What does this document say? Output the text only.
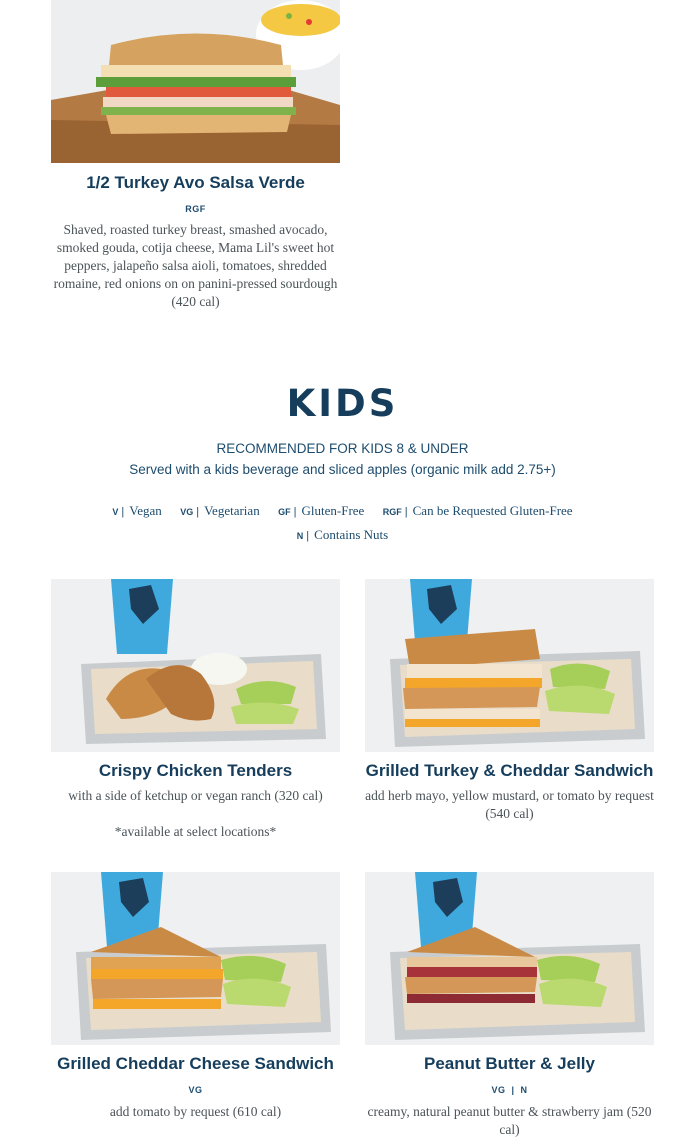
1/2 Turkey Avo Salsa Verde
RGF
Shaved, roasted turkey breast, smashed avocado, smoked gouda, cotija cheese, Mama Lil's sweet hot peppers, jalapeño salsa aioli, tomatoes, shredded romaine, red onions on on panini-pressed sourdough (420 cal)
KIDS
RECOMMENDED FOR KIDS 8 & UNDER
Served with a kids beverage and sliced apples (organic milk add 2.75+)
V | Vegan VG | Vegetarian GF | Gluten-Free RGF | Can be Requested Gluten-Free
N | Contains Nuts
Crispy Chicken Tenders
with a side of ketchup or vegan ranch (320 cal)
*available at select locations*
Grilled Turkey & Cheddar Sandwich
add herb mayo, yellow mustard, or tomato by request (540 cal)
Grilled Cheddar Cheese Sandwich
VG
add tomato by request (610 cal)
Peanut Butter & Jelly
VG  |  N
creamy, natural peanut butter & strawberry jam (520 cal)
